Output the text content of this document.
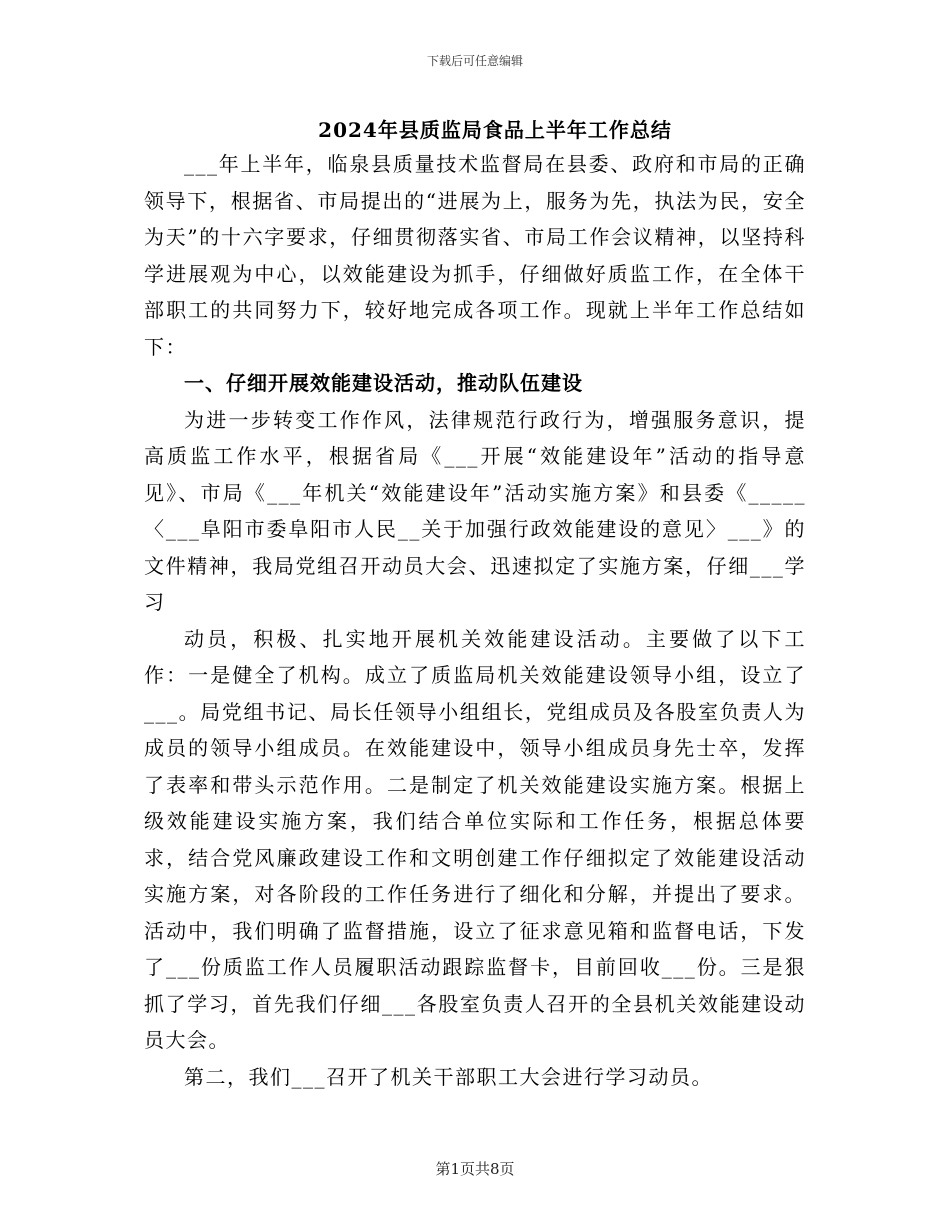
下载后可任意编辑
2024年县质监局食品上半年工作总结

___年上半年，临泉县质量技术监督局在县委、政府和市局的正确领导下，根据省、市局提出的“进展为上，服务为先，执法为民，安全为天”的十六字要求，仔细贯彻落实省、市局工作会议精神，以坚持科学进展观为中心，以效能建设为抓手，仔细做好质监工作，在全体干部职工的共同努力下，较好地完成各项工作。现就上半年工作总结如下：

一、仔细开展效能建设活动，推动队伍建设

为进一步转变工作作风，法律规范行政行为，增强服务意识，提高质监工作水平，根据省局《___开展“效能建设年”活动的指导意见》、市局《___年机关“效能建设年”活动实施方案》和县委《_____〈___阜阳市委阜阳市人民__关于加强行政效能建设的意见〉___》的文件精神，我局党组召开动员大会、迅速拟定了实施方案，仔细___学习

动员，积极、扎实地开展机关效能建设活动。主要做了以下工作：一是健全了机构。成立了质监局机关效能建设领导小组，设立了___。局党组书记、局长任领导小组组长，党组成员及各股室负责人为成员的领导小组成员。在效能建设中，领导小组成员身先士卒，发挥了表率和带头示范作用。二是制定了机关效能建设实施方案。根据上级效能建设实施方案，我们结合单位实际和工作任务，根据总体要求，结合党风廉政建设工作和文明创建工作仔细拟定了效能建设活动实施方案，对各阶段的工作任务进行了细化和分解，并提出了要求。活动中，我们明确了监督措施，设立了征求意见箱和监督电话，下发了___份质监工作人员履职活动跟踪监督卡，目前回收___份。三是狠抓了学习，首先我们仔细___各股室负责人召开的全县机关效能建设动员大会。

第二，我们___召开了机关干部职工大会进行学习动员。

第1页共8页
